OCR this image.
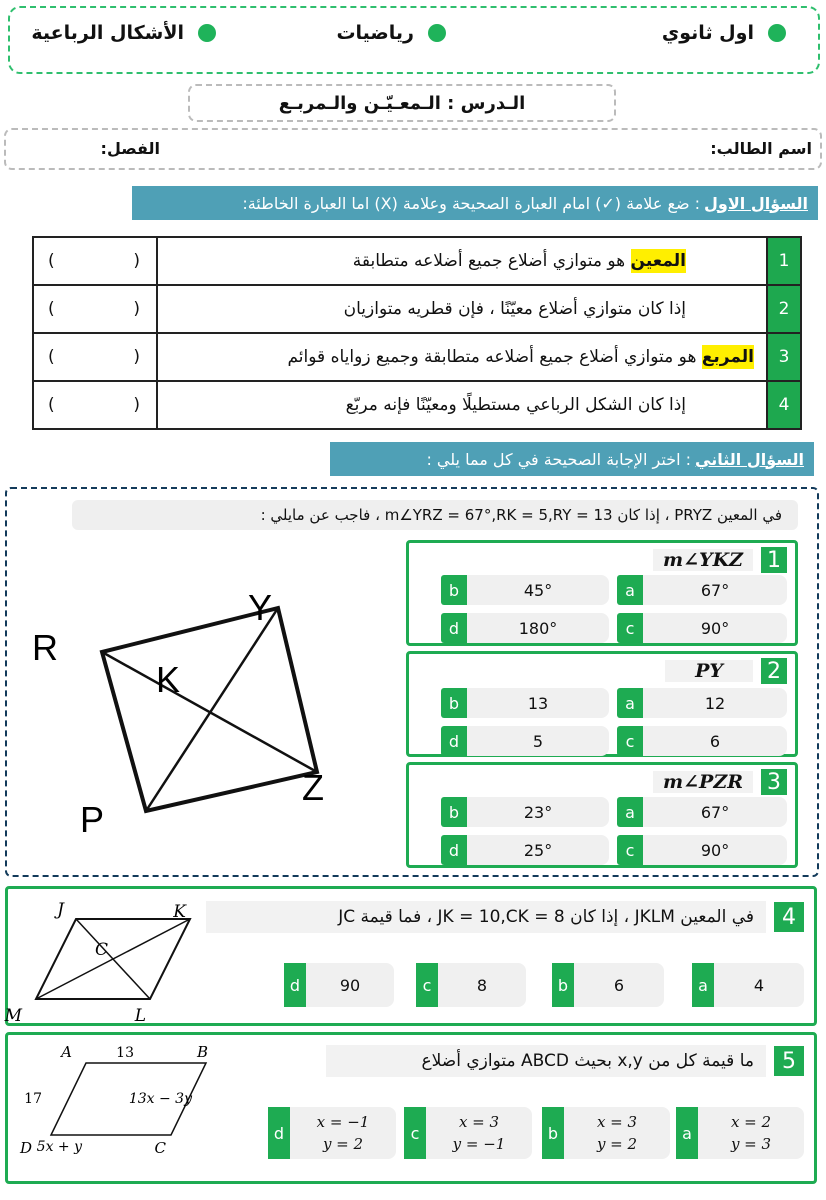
اول ثانوي
رياضيات
الأشكال الرباعية
الـدرس : الـمعـيّـن والـمربـع
اسم الطالب:
الفصل:
السؤال الاول
: ضع علامة (✓) امام العبارة الصحيحة وعلامة (X) اما العبارة الخاطئة:
1	المعين هو متوازي أضلاع جميع أضلاعه متطابقة	(
)

2	إذا كان متوازي أضلاع معيّنًا ، فإن قطريه متوازيان	(
)

3	المربع هو متوازي أضلاع جميع أضلاعه متطابقة وجميع زواياه قوائم	(
)

4	إذا كان الشكل الرباعي مستطيلًا ومعيّنًا فإنه مربّع	(
)
السؤال الثاني
: اختر الإجابة الصحيحة في كل مما يلي :
في المعين PRYZ ، إذا كان m∠YRZ = 67°,RK = 5,RY = 13 ، فاجب عن مايلي :
R
Y
K
P
Z
1
m∠YKZ
67°
a
45°
b
90°
c
180°
d
2
PY
12
a
13
b
6
c
5
d
3
m∠PZR
67°
a
23°
b
90°
c
25°
d
4
في المعين JKLM ، إذا كان JK = 10,CK = 8 ، فما قيمة JC
J	K
C
M	L
4
a
6
b
8
c
90
d
5
ما قيمة كل من x,y بحيث ABCD متوازي أضلاع
A	B
C
D
13
17	13x − 3y
5x + y
x = 2
y = 3
a
x = 3
y = 2
b
x = 3
y = −1
c
x = −1
y = 2
d
